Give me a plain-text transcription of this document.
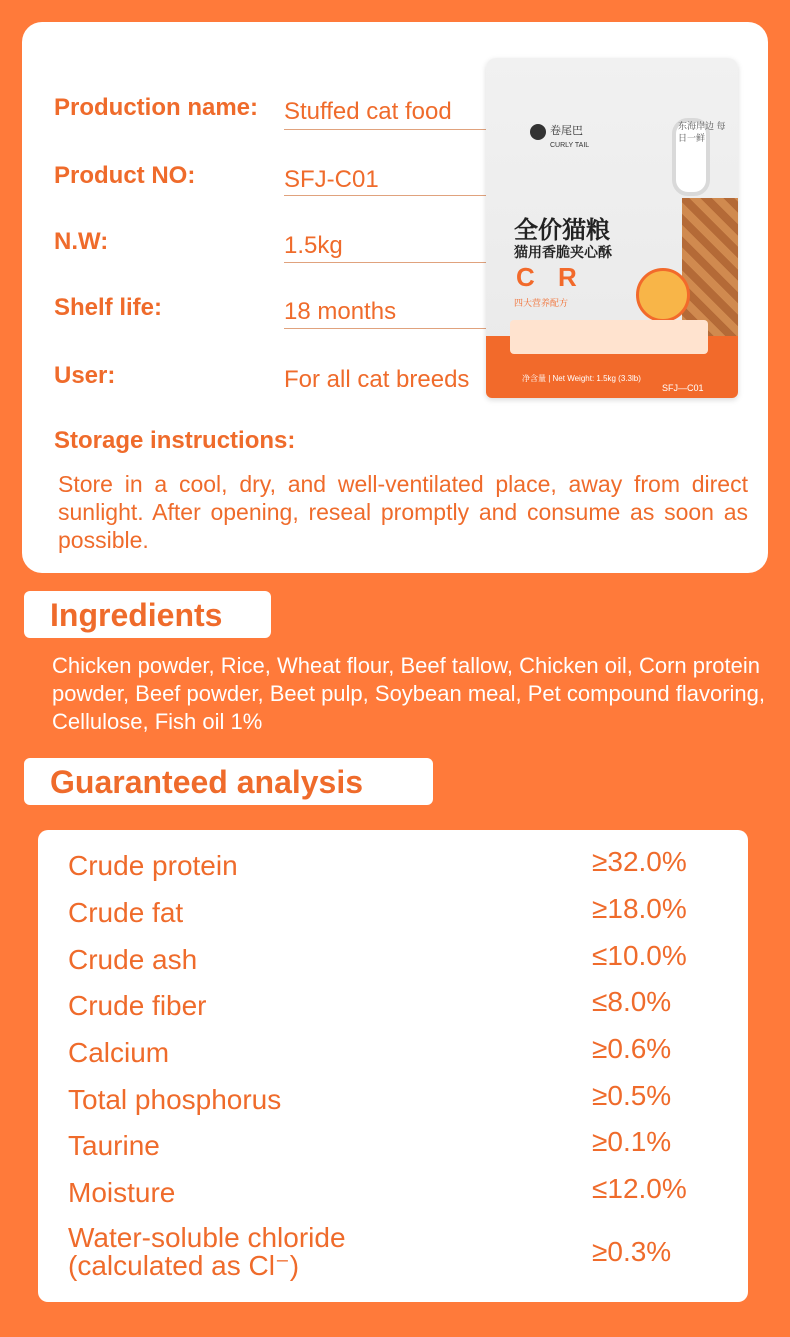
Production name: Stuffed cat food
Product NO:	SFJ-C01
N.W:	1.5kg
Shelf life:	18 months
User:	For all cat breeds
Storage instructions:
Store in a cool, dry, and well-ventilated place, away from direct sunlight. After opening, reseal promptly and consume as soon as possible.
卷尾巴
CURLY TAIL
东海岸边 每日一鲜
全价猫粮
猫用香脆夹心酥
C R
四大营养配方
净含量 | Net Weight: 1.5kg (3.3lb)
SFJ—C01
Ingredients
Chicken powder, Rice, Wheat flour, Beef tallow, Chicken oil, Corn protein powder, Beef powder, Beet pulp, Soybean meal, Pet compound flavoring, Cellulose, Fish oil 1%
Guaranteed analysis
Crude protein	≥32.0%
Crude fat	≥18.0%
Crude ash	≤10.0%
Crude fiber	≤8.0%
Calcium	≥0.6%
Total phosphorus	≥0.5%
Taurine	≥0.1%
Moisture	≤12.0%
Water-soluble chloride (calculated as Cl⁻)	≥0.3%
